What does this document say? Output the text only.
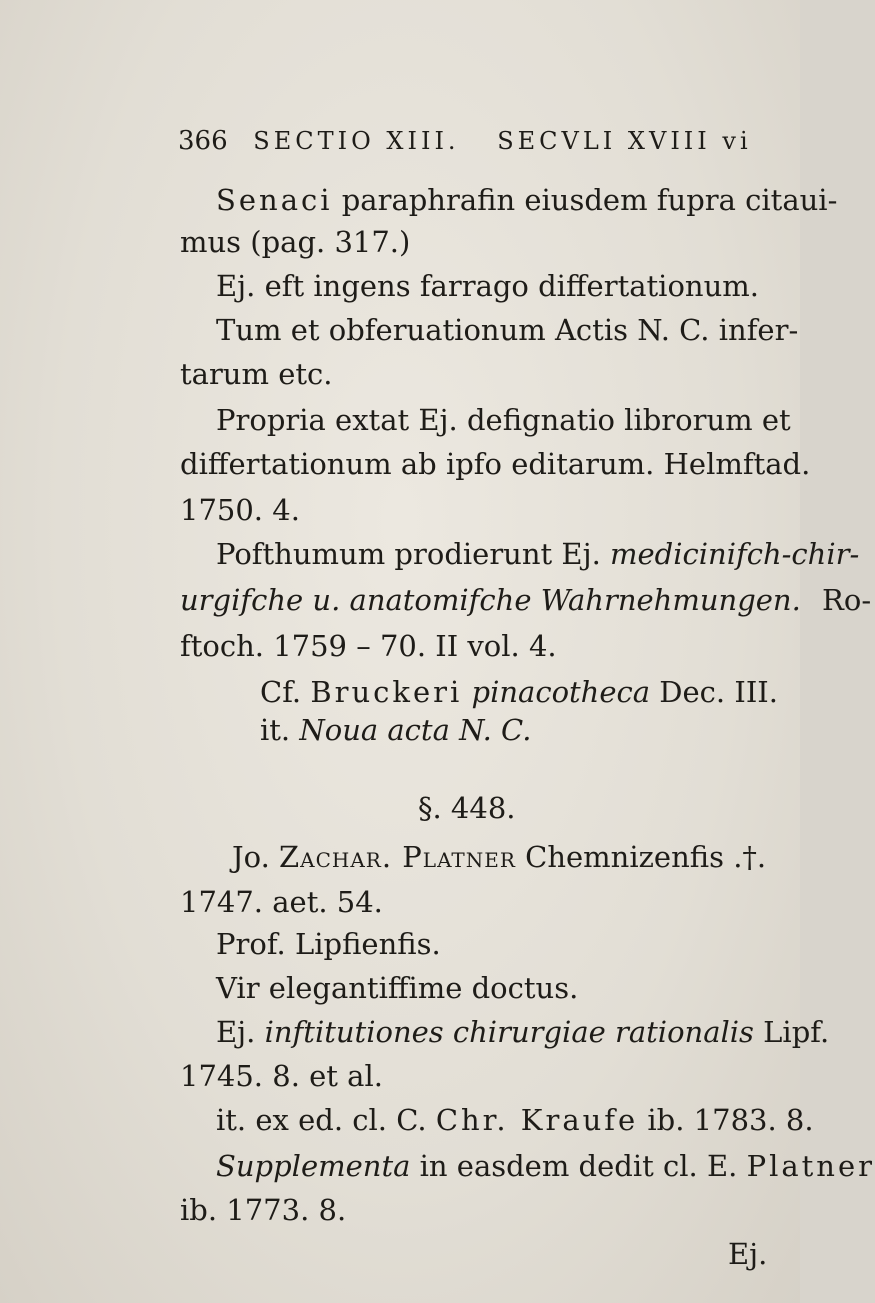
366 SECTIO XIII. SECVLI XVIII vi
Senaci paraphrafin eiusdem fupra citaui-
mus (pag. 317.)
Ej. eft ingens farrago differtationum.
Tum et obferuationum Actis N. C. infer-
tarum etc.
Propria extat Ej. defignatio librorum et
differtationum ab ipfo editarum. Helmftad.
1750. 4.
Pofthumum prodierunt Ej. medicinifch-chir-
urgifche u. anatomifche Wahrnehmungen. Ro-
ftoch. 1759 – 70. II vol. 4.
Cf. Bruckeri pinacotheca Dec. III.
it. Noua acta N. C.
§. 448.
Jo. Zachar. Platner Chemnizenfis .†.
1747. aet. 54.
Prof. Lipfienfis.
Vir elegantiffime doctus.
Ej. inftitutiones chirurgiae rationalis Lipf.
1745. 8. et al.
it. ex ed. cl. C. Chr. Kraufe ib. 1783. 8.
Supplementa in easdem dedit cl. E. Platner
ib. 1773. 8.
Ej.
